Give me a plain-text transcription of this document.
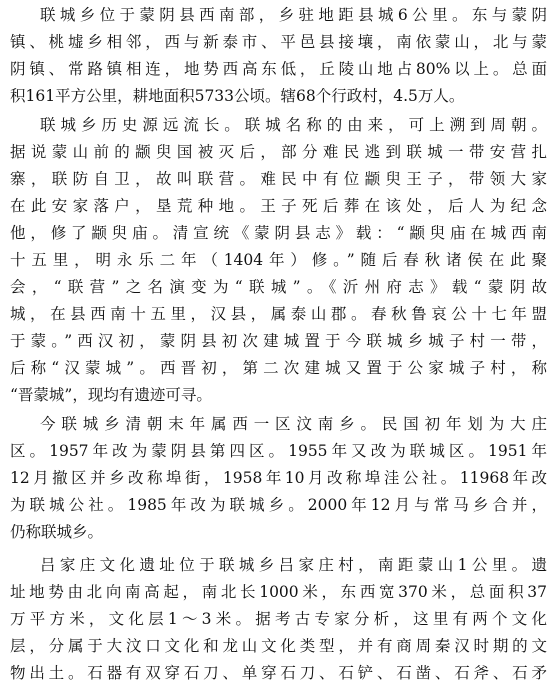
联城乡位于蒙阴县西南部，乡驻地距县城6公里。东与蒙阴
镇、桃墟乡相邻，西与新泰市、平邑县接壤，南依蒙山，北与蒙
阴镇、常路镇相连，地势西高东低，丘陵山地占80%以上。总面
积161平方公里，耕地面积5733公顷。辖68个行政村，4.5万人。
联城乡历史源远流长。联城名称的由来，可上溯到周朝。
据说蒙山前的颛臾国被灭后，部分难民逃到联城一带安营扎
寨，联防自卫，故叫联营。难民中有位颛臾王子，带领大家
在此安家落户，垦荒种地。王子死后葬在该处，后人为纪念
他，修了颛臾庙。清宣统《蒙阴县志》载：“颛臾庙在城西南
十五里，明永乐二年（1404年）修。”随后春秋诸侯在此聚
会，“联营”之名演变为“联城”。《沂州府志》载“蒙阴故
城，在县西南十五里，汉县，属泰山郡。春秋鲁哀公十七年盟
于蒙。”西汉初，蒙阴县初次建城置于今联城乡城子村一带，
后称“汉蒙城”。西晋初，第二次建城又置于公家城子村，称
“晋蒙城”，现均有遗迹可寻。
今联城乡清朝末年属西一区汶南乡。民国初年划为大庄
区。1957年改为蒙阴县第四区。1955年又改为联城区。1951年
12月撤区并乡改称埠街，1958年10月改称埠洼公社。11968年改
为联城公社。1985年改为联城乡。2000年12月与常马乡合并，
仍称联城乡。
吕家庄文化遗址位于联城乡吕家庄村，南距蒙山1公里。遗
址地势由北向南高起，南北长1000米，东西宽370米，总面积37
万平方米，文化层1～3米。据考古专家分析，这里有两个文化
层，分属于大汶口文化和龙山文化类型，并有商周秦汉时期的文
物出土。石器有双穿石刀、单穿石刀、石铲、石凿、石斧、石矛
